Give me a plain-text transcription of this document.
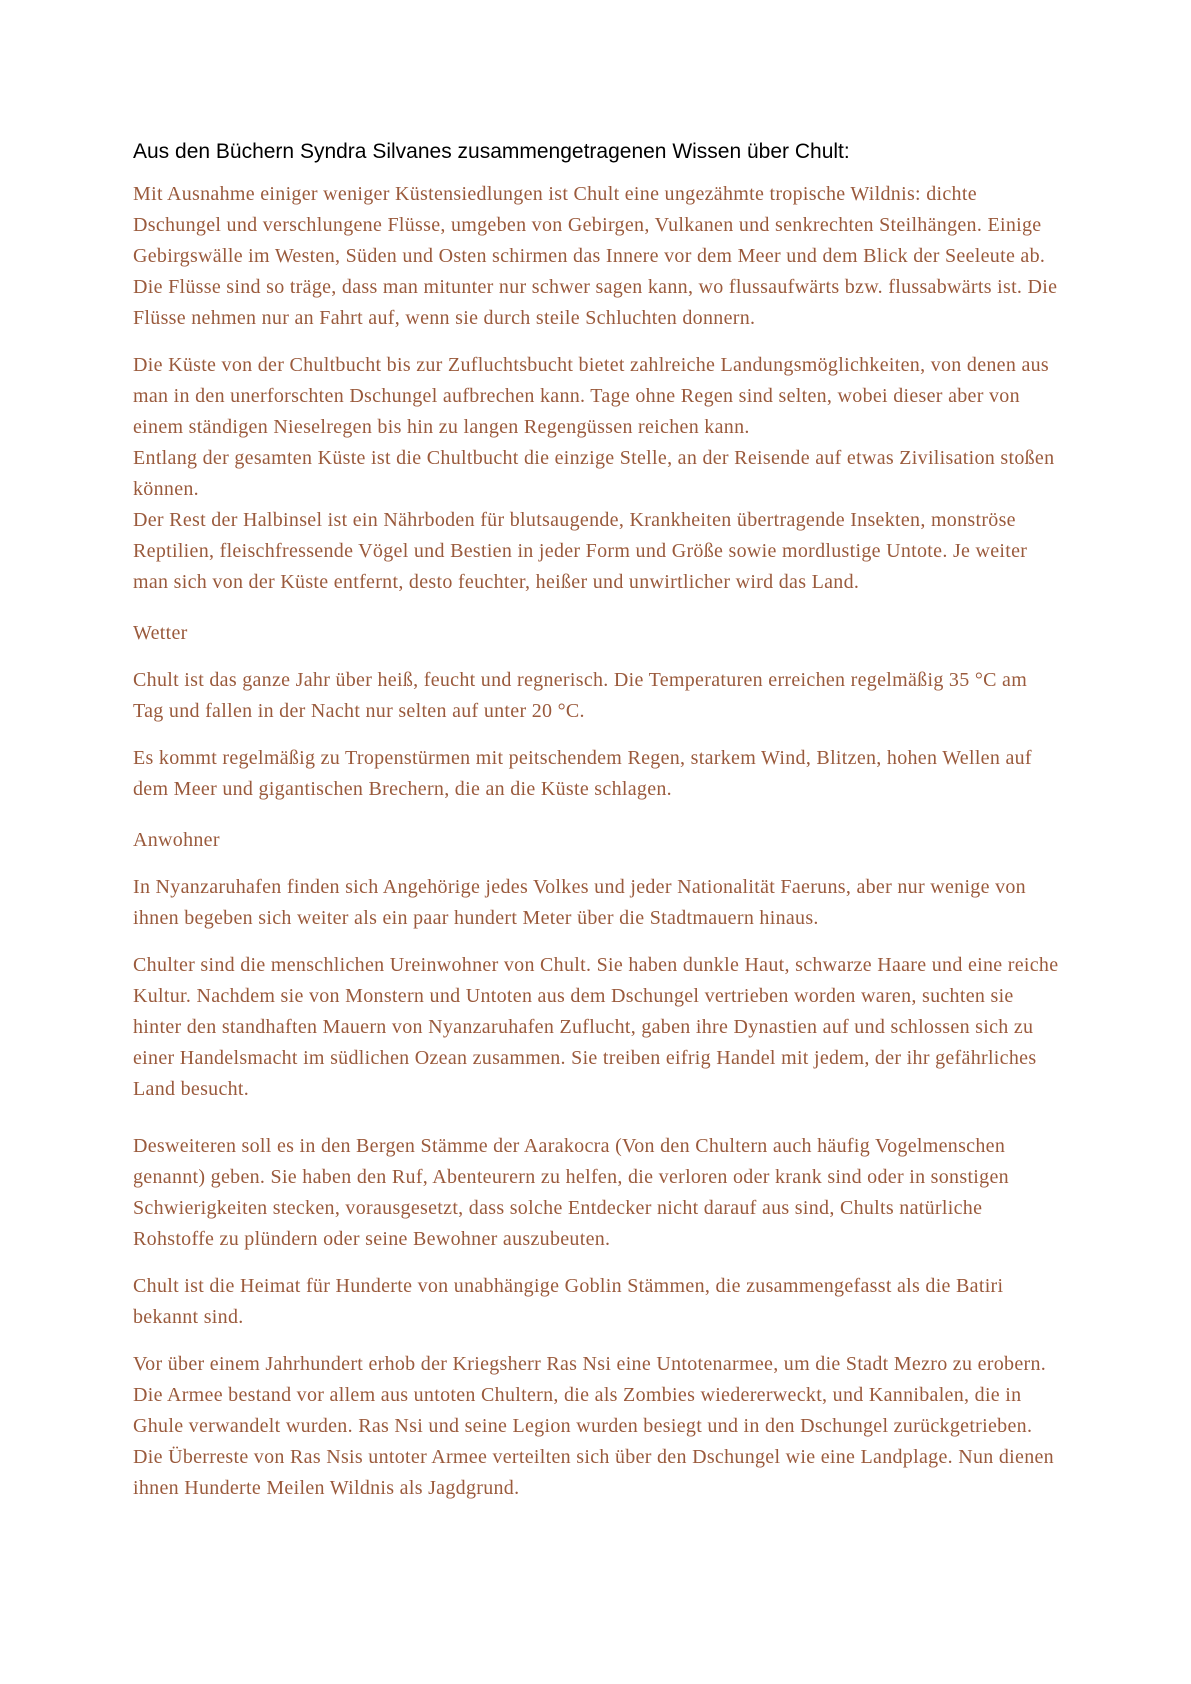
Aus den Büchern Syndra Silvanes zusammengetragenen Wissen über Chult:

Mit Ausnahme einiger weniger Küstensiedlungen ist Chult eine ungezähmte tropische Wildnis: dichte Dschungel und verschlungene Flüsse, umgeben von Gebirgen, Vulkanen und senkrechten Steilhängen. Einige Gebirgswälle im Westen, Süden und Osten schirmen das Innere vor dem Meer und dem Blick der Seeleute ab. Die Flüsse sind so träge, dass man mitunter nur schwer sagen kann, wo flussaufwärts bzw. flussabwärts ist. Die Flüsse nehmen nur an Fahrt auf, wenn sie durch steile Schluchten donnern.

Die Küste von der Chultbucht bis zur Zufluchtsbucht bietet zahlreiche Landungsmöglichkeiten, von denen aus man in den unerforschten Dschungel aufbrechen kann. Tage ohne Regen sind selten, wobei dieser aber von einem ständigen Nieselregen bis hin zu langen Regengüssen reichen kann.

Entlang der gesamten Küste ist die Chultbucht die einzige Stelle, an der Reisende auf etwas Zivilisation stoßen können.

Der Rest der Halbinsel ist ein Nährboden für blutsaugende, Krankheiten übertragende Insekten, monströse Reptilien, fleischfressende Vögel und Bestien in jeder Form und Größe sowie mordlustige Untote. Je weiter man sich von der Küste entfernt, desto feuchter, heißer und unwirtlicher wird das Land.

Wetter

Chult ist das ganze Jahr über heiß, feucht und regnerisch. Die Temperaturen erreichen regelmäßig 35 °C am Tag und fallen in der Nacht nur selten auf unter 20 °C.

Es kommt regelmäßig zu Tropenstürmen mit peitschendem Regen, starkem Wind, Blitzen, hohen Wellen auf dem Meer und gigantischen Brechern, die an die Küste schlagen.

Anwohner

In Nyanzaruhafen finden sich Angehörige jedes Volkes und jeder Nationalität Faeruns, aber nur wenige von ihnen begeben sich weiter als ein paar hundert Meter über die Stadtmauern hinaus.

Chulter sind die menschlichen Ureinwohner von Chult. Sie haben dunkle Haut, schwarze Haare und eine reiche Kultur. Nachdem sie von Monstern und Untoten aus dem Dschungel vertrieben worden waren, suchten sie hinter den standhaften Mauern von Nyanzaruhafen Zuflucht, gaben ihre Dynastien auf und schlossen sich zu einer Handelsmacht im südlichen Ozean zusammen. Sie treiben eifrig Handel mit jedem, der ihr gefährliches Land besucht.

Desweiteren soll es in den Bergen Stämme der Aarakocra (Von den Chultern auch häufig Vogelmenschen genannt) geben. Sie haben den Ruf, Abenteurern zu helfen, die verloren oder krank sind oder in sonstigen Schwierigkeiten stecken, vorausgesetzt, dass solche Entdecker nicht darauf aus sind, Chults natürliche Rohstoffe zu plündern oder seine Bewohner auszubeuten.

Chult ist die Heimat für Hunderte von unabhängige Goblin Stämmen, die zusammengefasst als die Batiri bekannt sind.

Vor über einem Jahrhundert erhob der Kriegsherr Ras Nsi eine Untotenarmee, um die Stadt Mezro zu erobern. Die Armee bestand vor allem aus untoten Chultern, die als Zombies wiedererweckt, und Kannibalen, die in Ghule verwandelt wurden. Ras Nsi und seine Legion wurden besiegt und in den Dschungel zurückgetrieben. Die Überreste von Ras Nsis untoter Armee verteilten sich über den Dschungel wie eine Landplage. Nun dienen ihnen Hunderte Meilen Wildnis als Jagdgrund.
